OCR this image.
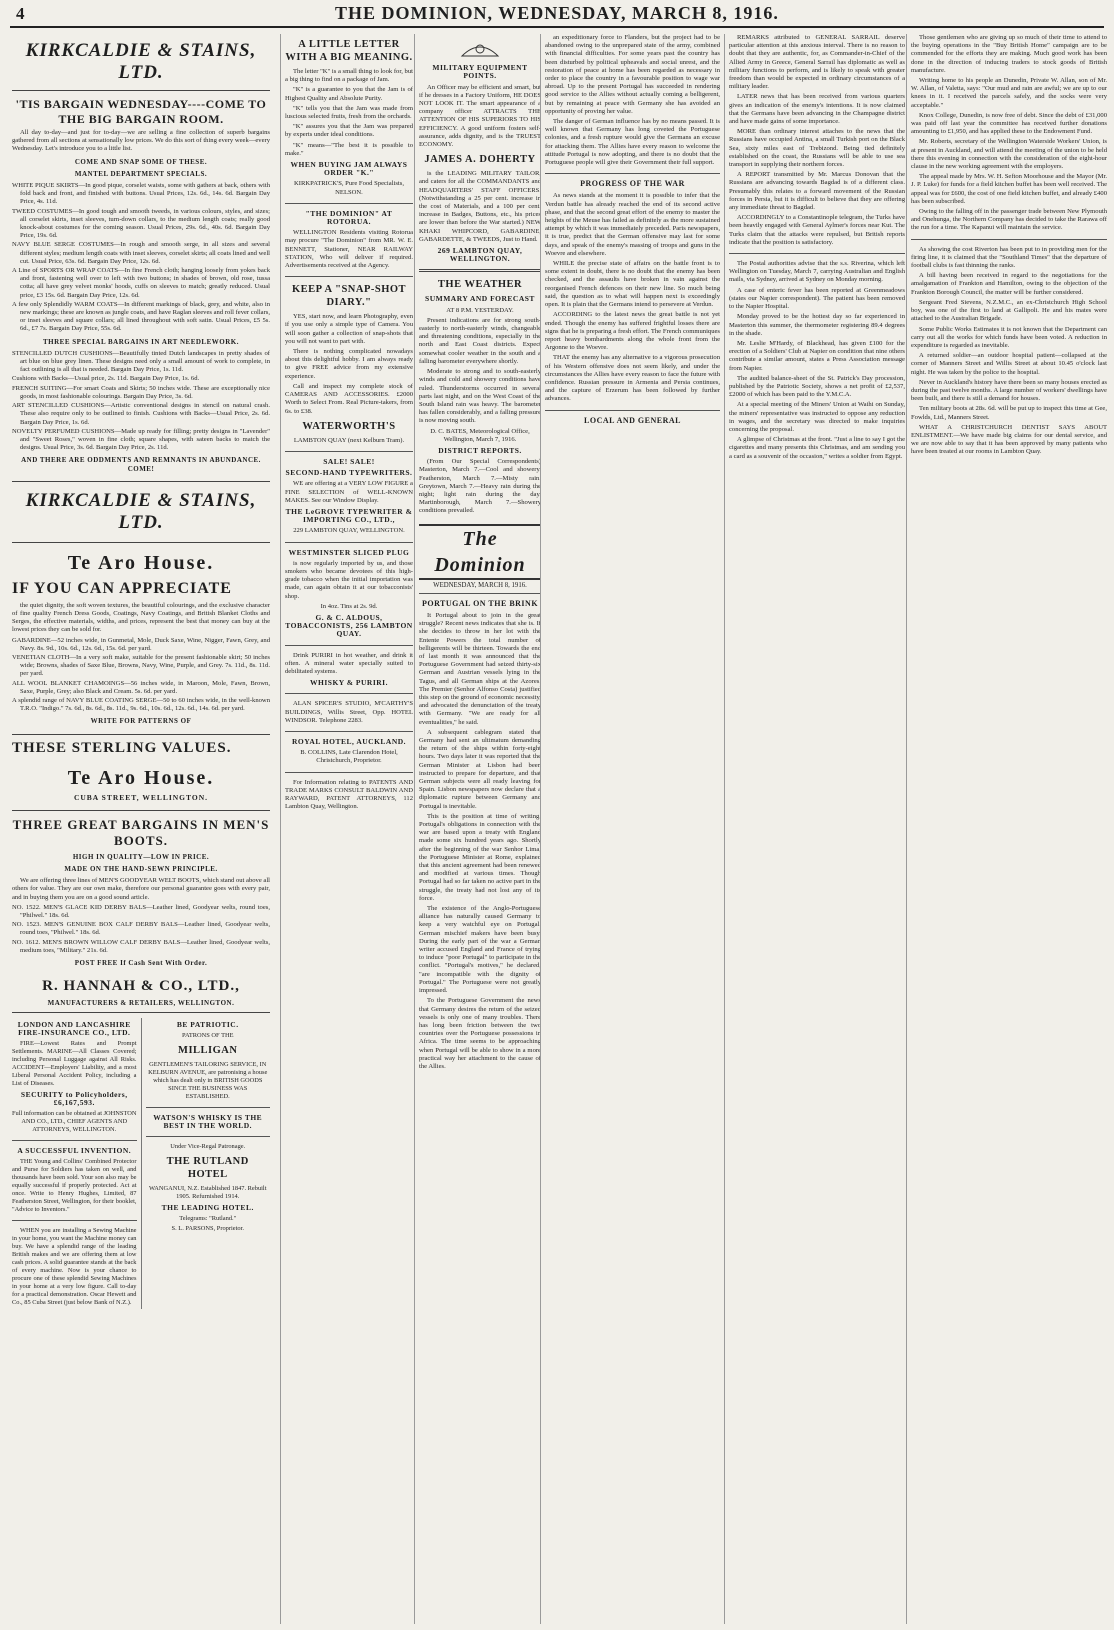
4	THE DOMINION, WEDNESDAY, MARCH 8, 1916.
KIRKCALDIE & STAINS, LTD.
'TIS BARGAIN WEDNESDAY----COME TO THE BIG BARGAIN ROOM.

All day to-day—and just for to-day—we are selling a fine collection of superb bargains gathered from all sections at sensationally low prices. We do this sort of thing every week—every Wednesday. Let's introduce you to a little list.

COME AND SNAP SOME OF THESE.
MANTEL DEPARTMENT SPECIALS.
WHITE PIQUE SKIRTS—In good pique, corselet waists, some with gathers at back, others with fold back and front, and finished with buttons. Usual Prices, 12s. 6d., 14s. 6d. Bargain Day Price, 4s. 11d.
TWEED COSTUMES—In good tough and smooth tweeds, in various colours, styles, and sizes; all corselet skirts, inset sleeves, turn-down collars, to the medium length coats; really good knock-about costumes for the coming season. Usual Prices, 29s. 6d., 40s. 6d. Bargain Day Price, 19s. 6d.
NAVY BLUE SERGE COSTUMES—In rough and smooth serge, in all sizes and several different styles; medium length coats with inset sleeves, corselet skirts; all coats lined and well cut. Usual Price, 63s. 6d. Bargain Day Price, 12s. 6d.
A Line of SPORTS OR WRAP COATS—In fine French cloth; hanging loosely from yokes back and front, fastening well over to left with two buttons; in shades of brown, old rose, tussa cotta; all have grey velvet monks' hoods, cuffs on sleeves to match; greatly reduced. Usual price, £3 15s. 6d. Bargain Day Price, 12s. 6d.
A few only Splendidly WARM COATS—In different markings of black, grey, and white, also in new markings; these are known as jungle coats, and have Raglan sleeves and roll fever collars, or inset sleeves and square collars; all lined throughout with soft satin. Usual Prices, £5 5s. 6d., £7 7s. Bargain Day Price, 55s. 6d.
THREE SPECIAL BARGAINS IN ART NEEDLEWORK.
STENCILLED DUTCH CUSHIONS—Beautifully tinted Dutch landscapes in pretty shades of art blue on blue grey linen. These designs need only a small amount of work to complete, in fact outlining is all that is needed. Bargain Day Price, 1s. 11d.
Cushions with Backs—Usual price, 2s. 11d. Bargain Day Price, 1s. 6d.
FRENCH SUITING—For smart Coats and Skirts; 50 inches wide. These are exceptionally nice goods, in most fashionable colourings. Bargain Day Price, 3s. 6d.
ART STENCILLED CUSHIONS—Artistic conventional designs in stencil on natural crash. These also require only to be outlined to finish. Cushions with Backs—Usual Price, 2s. 6d. Bargain Day Price, 1s. 6d.
NOVELTY PERFUMED CUSHIONS—Made up ready for filling; pretty designs in "Lavender" and "Sweet Roses," woven in fine cloth; square shapes, with sateen backs to match the designs. Usual Price, 3s. 6d. Bargain Day Price, 2s. 11d.
AND THERE ARE ODDMENTS AND REMNANTS IN ABUNDANCE. COME!
KIRKCALDIE & STAINS, LTD.
Te Aro House.
IF YOU CAN APPRECIATE

the quiet dignity, the soft woven textures, the beautiful colourings, and the exclusive character of fine quality French Dress Goods, Coatings, Navy Coatings, and British Blanket Cloths and Serges, the effective materials, widths, and prices, represent the best that money can buy at the lowest prices they can be sold for.

GABARDINE—52 inches wide, in Gunmetal, Mole, Duck Saxe, Wine, Nigger, Fawn, Grey, and Navy. 8s. 9d., 10s. 6d., 12s. 6d., 15s. 6d. per yard.
VENETIAN CLOTH—In a very soft make, suitable for the present fashionable skirt; 50 inches wide; Browns, shades of Saxe Blue, Browns, Navy, Wine, Purple, and Grey. 7s. 11d., 8s. 11d. per yard.
ALL WOOL BLANKET CHAMOINGS—56 inches wide, in Maroon, Mole, Fawn, Brown, Saxe, Purple, Grey; also Black and Cream. 5s. 6d. per yard.
A splendid range of NAVY BLUE COATING SERGE—50 to 60 inches wide, in the well-known T.R.O. "Indigo." 7s. 6d., 8s. 6d., 8s. 11d., 9s. 6d., 10s. 6d., 12s. 6d., 14s. 6d. per yard.
WRITE FOR PATTERNS OF
THESE STERLING VALUES.
Te Aro House.
CUBA STREET, WELLINGTON.
THREE GREAT BARGAINS IN MEN'S BOOTS.
HIGH IN QUALITY—LOW IN PRICE.
MADE ON THE HAND-SEWN PRINCIPLE.

We are offering three lines of MEN'S GOODYEAR WELT BOOTS, which stand out above all others for value. They are our own make, therefore our personal guarantee goes with every pair, and in buying them you are on a good sound article.

NO. 1522. MEN'S GLACE KID DERBY BALS—Leather lined, Goodyear welts, round toes, "Philwel." 18s. 6d.
NO. 1523. MEN'S GENUINE BOX CALF DERBY BALS—Leather lined, Goodyear welts, round toes, "Philwel." 18s. 6d.
NO. 1612. MEN'S BROWN WILLOW CALF DERBY BALS—Leather lined, Goodyear welts, medium toes, "Military." 21s. 6d.
POST FREE If Cash Sent With Order.
R. HANNAH & CO., LTD.,
MANUFACTURERS & RETAILERS, WELLINGTON.
LONDON AND LANCASHIRE FIRE-INSURANCE CO., LTD.

FIRE—Lowest Rates and Prompt Settlements. MARINE—All Classes Covered; including Personal Luggage against All Risks. ACCIDENT—Employers' Liability, and a most Liberal Personal Accident Policy, including a List of Diseases.

SECURITY to Policyholders, £6,167,593.
Full information can be obtained at JOHNSTON AND CO., LTD., CHIEF AGENTS AND ATTORNEYS, WELLINGTON.
A SUCCESSFUL INVENTION.

THE Young and Collins' Combined Protector and Purse for Soldiers has taken on well, and thousands have been sold. Your son also may be equally successful if properly protected. Act at once. Write to Henry Hughes, Limited, 87 Featherston Street, Wellington, for their booklet, "Advice to Inventors."

WHEN you are installing a Sewing Machine in your home, you want the Machine money can buy. We have a splendid range of the leading British makes and we are offering them at low cash prices. A solid guarantee stands at the back of every machine. Now is your chance to procure one of these splendid Sewing Machines in your home at a very low figure. Call to-day for a practical demonstration. Oscar Hewett and Co., 85 Cuba Street (just below Bank of N.Z.).

BE PATRIOTIC.
PATRONS OF THE
MILLIGAN
GENTLEMEN'S TAILORING SERVICE, IN KELBURN AVENUE, are patronising a house which has dealt only in BRITISH GOODS SINCE THE BUSINESS WAS ESTABLISHED.
WATSON'S WHISKY IS THE BEST IN THE WORLD.
Under Vice-Regal Patronage.
THE RUTLAND HOTEL
WANGANUI, N.Z. Established 1847. Rebuilt 1905. Refurnished 1914.
THE LEADING HOTEL.
Telegrams: "Rutland."
S. L. PARSONS, Proprietor.
A LITTLE LETTER WITH A BIG MEANING.

The letter "K" is a small thing to look for, but a big thing to find on a package of Jam.

"K" is a guarantee to you that the Jam is of Highest Quality and Absolute Purity.

"K" tells you that the Jam was made from luscious selected fruits, fresh from the orchards.

"K" assures you that the Jam was prepared by experts under ideal conditions.

"K" means—"The best it is possible to make."

WHEN BUYING JAM ALWAYS ORDER "K."
KIRKPATRICK'S, Pure Food Specialists, NELSON.
"THE DOMINION" AT ROTORUA.

WELLINGTON Residents visiting Rotorua may procure "The Dominion" from MR. W. E. BENNETT, Stationer, NEAR RAILWAY STATION, Who will deliver if required. Advertisements received at the Agency.

KEEP A "SNAP-SHOT DIARY."

YES, start now, and learn Photography, even if you use only a simple type of Camera. You will soon gather a collection of snap-shots that you will not want to part with.

There is nothing complicated nowadays about this delightful hobby. I am always ready to give FREE advice from my extensive experience.

Call and inspect my complete stock of CAMERAS AND ACCESSORIES. £2000 Worth to Select From. Real Picture-takers, from 6s. to £38.

WATERWORTH'S
LAMBTON QUAY (next Kelburn Tram).
SALE! SALE!
SECOND-HAND TYPEWRITERS.

WE are offering at a VERY LOW FIGURE a FINE SELECTION of WELL-KNOWN MAKES. See our Window Display.

THE LeGROVE TYPEWRITER & IMPORTING CO., LTD.,
229 LAMBTON QUAY, WELLINGTON.
WESTMINSTER SLICED PLUG

is now regularly imported by us, and those smokers who became devotees of this high-grade tobacco when the initial importation was made, can again obtain it at our tobacconists' shop.

In 4oz. Tins at 2s. 9d.
G. & C. ALDOUS, TOBACCONISTS, 256 LAMBTON QUAY.

Drink PURIRI in hot weather, and drink it often. A mineral water specially suited to debilitated systems.

WHISKY & PURIRI.

ALAN SPICER'S STUDIO, M'CARTHY'S BUILDINGS, Willis Street, Opp. HOTEL WINDSOR. Telephone 2283.

ROYAL HOTEL, AUCKLAND.
B. COLLINS, Late Clarendon Hotel, Christchurch, Proprietor.

For Information relating to PATENTS AND TRADE MARKS CONSULT BALDWIN AND RAYWARD, PATENT ATTORNEYS, 112 Lambton Quay, Wellington.

MILITARY EQUIPMENT POINTS.

An Officer may be efficient and smart, but if he dresses in a Factory Uniform, HE DOES NOT LOOK IT. The smart appearance of a company officer ATTRACTS THE ATTENTION OF HIS SUPERIORS TO HIS EFFICIENCY. A good uniform fosters self-assurance, adds dignity, and is the TRUEST ECONOMY.

JAMES A. DOHERTY

is the LEADING MILITARY TAILOR, and caters for all the COMMANDANTS and HEADQUARTERS' STAFF OFFICERS. (Notwithstanding a 25 per cent. increase in the cost of Materials, and a 100 per cent. increase in Badges, Buttons, etc., his prices are lower than before the War started.) NEW KHAKI WHIPCORD, GABARDINE, GABARDETTE, & TWEEDS, Just to Hand.

269 LAMBTON QUAY, WELLINGTON.
THE WEATHER
SUMMARY AND FORECAST
AT 8 P.M. YESTERDAY.

Present indications are for strong south-easterly to north-easterly winds, changeable and threatening conditions, especially in the north and East Coast districts. Expect somewhat cooler weather in the south and a falling barometer everywhere shortly.

Moderate to strong and to south-easterly winds and cold and showery conditions have ruled. Thunderstorms occurred in several parts last night, and on the West Coast of the South Island rain was heavy. The barometer has fallen considerably, and a falling pressure is now moving south.

D. C. BATES, Meteorological Office, Wellington, March 7, 1916.
DISTRICT REPORTS.

(From Our Special Correspondents) Masterton, March 7.—Cool and showery. Featherston, March 7.—Misty rain. Greytown, March 7.—Heavy rain during the night; light rain during the day. Martinborough, March 7.—Showery conditions prevailed.

The Dominion
WEDNESDAY, MARCH 8, 1916.
PORTUGAL ON THE BRINK

It Portugal about to join in the great struggle? Recent news indicates that she is. If she decides to throw in her lot with the Entente Powers the total number of belligerents will be thirteen. Towards the end of last month it was announced that the Portuguese Government had seized thirty-six German and Austrian vessels lying in the Tagus, and all German ships at the Azores. The Premier (Senhor Alfonso Costa) justified this step on the ground of economic necessity, and advocated the denunciation of the treaty with Germany. "We are ready for all eventualities," he said.

A subsequent cablegram stated that Germany had sent an ultimatum demanding the return of the ships within forty-eight hours. Two days later it was reported that the German Minister at Lisbon had been instructed to prepare for departure, and that German subjects were all ready leaving for Spain. Lisbon newspapers now declare that a diplomatic rupture between Germany and Portugal is inevitable.

This is the position at time of writing. Portugal's obligations in connection with the war are based upon a treaty with England made some six hundred years ago. Shortly after the beginning of the war Senhor Lima, the Portuguese Minister at Rome, explained that this ancient agreement had been renewed and modified at various times. Though Portugal had so far taken no active part in the struggle, the treaty had not lost any of its force.

The existence of the Anglo-Portuguese alliance has naturally caused Germany to keep a very watchful eye on Portugal. German mischief makers have been busy. During the early part of the war a German writer accused England and France of trying to induce "poor Portugal" to participate in the conflict. "Portugal's motives," he declared, "are incompatible with the dignity of Portugal." The Portuguese were not greatly impressed.

To the Portuguese Government the news that Germany desires the return of the seized vessels is only one of many troubles. There has long been friction between the two countries over the Portuguese possessions in Africa. The time seems to be approaching when Portugal will be able to show in a more practical way her attachment to the cause of the Allies.

an expeditionary force to Flanders, but the project had to be abandoned owing to the unprepared state of the army, combined with financial difficulties. For some years past the country has been disturbed by political upheavals and social unrest, and the restoration of peace at home has been regarded as necessary in order to place the country in a favourable position to wage war abroad. Up to the present Portugal has succeeded in rendering good service to the Allies without actually coming a belligerent, but by remaining at peace with Germany she has avoided an opportunity of proving her value.

The danger of German influence has by no means passed. It is well known that Germany has long coveted the Portuguese colonies, and a fresh rupture would give the Germans an excuse for attacking them. The Allies have every reason to welcome the attitude Portugal is now adopting, and there is no doubt that the Portuguese people will give their Government their full support.

PROGRESS OF THE WAR

As news stands at the moment it is possible to infer that the Verdun battle has already reached the end of its second active phase, and that the second great effort of the enemy to master the heights of the Meuse has failed as definitely as the more sustained attempt by which it was immediately preceded. Paris newspapers, it is true, predict that the German offensive may last for some days, and speak of the enemy's massing of troops and guns in the Woevre and elsewhere.

WHILE the precise state of affairs on the battle front is to some extent in doubt, there is no doubt that the enemy has been checked, and the assaults have broken in vain against the reorganised French defences on their new line. So much being said, the question as to what will happen next is exceedingly open. It is plain that the Germans intend to persevere at Verdun.

ACCORDING to the latest news the great battle is not yet ended. Though the enemy has suffered frightful losses there are signs that he is preparing a fresh effort. The French communiques report heavy bombardments along the whole front from the Argonne to the Woevre.

THAT the enemy has any alternative to a vigorous prosecution of his Western offensive does not seem likely, and under the circumstances the Allies have every reason to face the future with confidence. Russian pressure in Armenia and Persia continues, and the capture of Erzerum has been followed by further advances.

LOCAL AND GENERAL

REMARKS attributed to GENERAL SARRAIL deserve particular attention at this anxious interval. There is no reason to doubt that they are authentic, for, as Commander-in-Chief of the Allied Army in Greece, General Sarrail has diplomatic as well as military functions to perform, and is likely to speak with greater freedom than would be expected in ordinary circumstances of a military leader.

LATER news that has been received from various quarters gives an indication of the enemy's intentions. It is now claimed that the Germans have been advancing in the Champagne district and have made gains of some importance.

MORE than ordinary interest attaches to the news that the Russians have occupied Antina, a small Turkish port on the Black Sea, sixty miles east of Trebizond. Being tied definitely established on the coast, the Russians will be able to use sea transport in supplying their northern forces.

A REPORT transmitted by Mr. Marcus Donovan that the Russians are advancing towards Bagdad is of a different class. Presumably this relates to a forward movement of the Russian forces in Persia, but it is difficult to believe that they are offering any immediate threat to Bagdad.

ACCORDINGLY to a Constantinople telegram, the Turks have been heavily engaged with General Aylmer's forces near Kut. The Turks claim that the attacks were repulsed, but British reports indicate that the position is satisfactory.

The Postal authorities advise that the s.s. Riverina, which left Wellington on Tuesday, March 7, carrying Australian and English mails, via Sydney, arrived at Sydney on Monday morning.

A case of enteric fever has been reported at Greenmeadows (states our Napier correspondent). The patient has been removed to the Napier Hospital.

Monday proved to be the hottest day so far experienced in Masterton this summer, the thermometer registering 89.4 degrees in the shade.

Mr. Leslie M'Hardy, of Blackhead, has given £100 for the erection of a Soldiers' Club at Napier on condition that nine others contribute a similar amount, states a Press Association message from Napier.

The audited balance-sheet of the St. Patrick's Day procession, published by the Patriotic Society, shows a net profit of £2,537, £2000 of which has been paid to the Y.M.C.A.

At a special meeting of the Miners' Union at Waihi on Sunday, the miners' representative was instructed to oppose any reduction in wages, and the secretary was directed to make inquiries concerning the proposal.

A glimpse of Christmas at the front. "Just a line to say I got the cigarettes and many presents this Christmas, and am sending you a card as a souvenir of the occasion," writes a soldier from Egypt.

Those gentlemen who are giving up so much of their time to attend to the buying operations in the "Buy British Home" campaign are to be commended for the efforts they are making. Much good work has been done in the direction of inducing traders to stock goods of British manufacture.

Writing home to his people an Dunedin, Private W. Allan, son of Mr. W. Allan, of Valetta, says: "Our mud and rain are awful; we are up to our knees in it. I received the parcels safely, and the socks were very acceptable."

Knox College, Dunedin, is now free of debt. Since the debt of £31,000 was paid off last year the committee has received further donations amounting to £1,950, and has applied these to the Endowment Fund.

Mr. Roberts, secretary of the Wellington Waterside Workers' Union, is at present in Auckland, and will attend the meeting of the union to be held there this evening in connection with the consideration of the eight-hour clause in the new working agreement with the employers.

The appeal made by Mrs. W. H. Sefton Moorhouse and the Mayor (Mr. J. P. Luke) for funds for a field kitchen buffet has been well received. The appeal was for £600, the cost of one field kitchen buffet, and already £400 has been subscribed.

Owing to the falling off in the passenger trade between New Plymouth and Onehunga, the Northern Company has decided to take the Rarawa off the run for a time. The Kapanui will maintain the service.

As showing the cost Riverton has been put to in providing men for the firing line, it is claimed that the "Southland Times" that the departure of football clubs is fast thinning the ranks.

A bill having been received in regard to the negotiations for the amalgamation of Frankton and Hamilton, owing to the objection of the Frankton Borough Council, the matter will be further considered.

Sergeant Fred Sievens, N.Z.M.C., an ex-Christchurch High School boy, was one of the first to land at Gallipoli. He and his mates were attached to the Australian Brigade.

Some Public Works Estimates it is not known that the Department can carry out all the works for which funds have been voted. A reduction in expenditure is regarded as inevitable.

A returned soldier—an outdoor hospital patient—collapsed at the corner of Manners Street and Willis Street at about 10.45 o'clock last night. He was taken by the police to the hospital.

Never in Auckland's history have there been so many houses erected as during the past twelve months. A large number of workers' dwellings have been built, and there is still a demand for houses.

Ten military boots at 28s. 6d. will be put up to inspect this time at Gee, Fowlds, Ltd., Manners Street.

WHAT A CHRISTCHURCH DENTIST SAYS ABOUT ENLISTMENT.—We have made big claims for our dental service, and we are now able to say that it has been approved by many patients who have been treated at our rooms in Lambton Quay.
